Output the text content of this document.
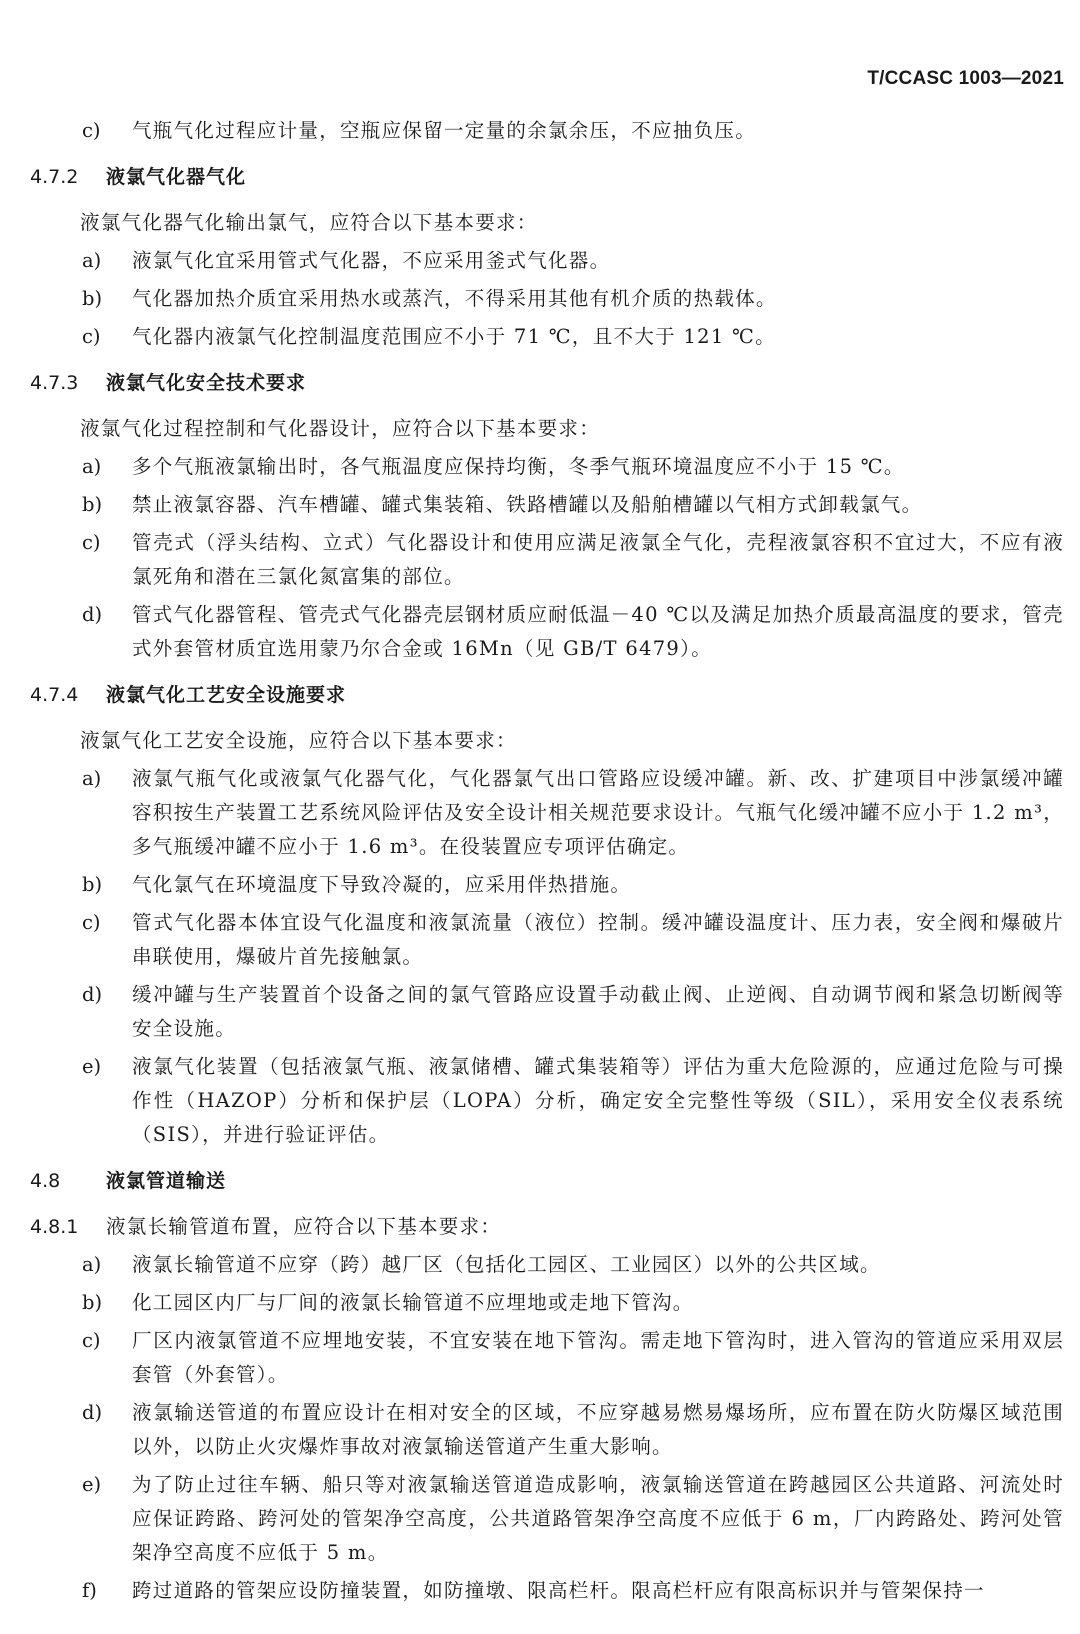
T/CCASC 1003—2021
c)	气瓶气化过程应计量，空瓶应保留一定量的余氯余压，不应抽负压。
4.7.2	液氯气化器气化
液氯气化器气化输出氯气，应符合以下基本要求：
a)	液氯气化宜采用管式气化器，不应采用釜式气化器。
b)	气化器加热介质宜采用热水或蒸汽，不得采用其他有机介质的热载体。
c)	气化器内液氯气化控制温度范围应不小于 71 ℃，且不大于 121 ℃。
4.7.3	液氯气化安全技术要求
液氯气化过程控制和气化器设计，应符合以下基本要求：
a)	多个气瓶液氯输出时，各气瓶温度应保持均衡，冬季气瓶环境温度应不小于 15 ℃。
b)	禁止液氯容器、汽车槽罐、罐式集装箱、铁路槽罐以及船舶槽罐以气相方式卸载氯气。
c)	管壳式（浮头结构、立式）气化器设计和使用应满足液氯全气化，壳程液氯容积不宜过大，不应有液氯死角和潜在三氯化氮富集的部位。
d)	管式气化器管程、管壳式气化器壳层钢材质应耐低温－40 ℃以及满足加热介质最高温度的要求，管壳式外套管材质宜选用蒙乃尔合金或 16Mn（见 GB/T 6479）。
4.7.4	液氯气化工艺安全设施要求
液氯气化工艺安全设施，应符合以下基本要求：
a)	液氯气瓶气化或液氯气化器气化，气化器氯气出口管路应设缓冲罐。新、改、扩建项目中涉氯缓冲罐容积按生产装置工艺系统风险评估及安全设计相关规范要求设计。气瓶气化缓冲罐不应小于 1.2 m³，多气瓶缓冲罐不应小于 1.6 m³。在役装置应专项评估确定。
b)	气化氯气在环境温度下导致冷凝的，应采用伴热措施。
c)	管式气化器本体宜设气化温度和液氯流量（液位）控制。缓冲罐设温度计、压力表，安全阀和爆破片串联使用，爆破片首先接触氯。
d)	缓冲罐与生产装置首个设备之间的氯气管路应设置手动截止阀、止逆阀、自动调节阀和紧急切断阀等安全设施。
e)	液氯气化装置（包括液氯气瓶、液氯储槽、罐式集装箱等）评估为重大危险源的，应通过危险与可操作性（HAZOP）分析和保护层（LOPA）分析，确定安全完整性等级（SIL），采用安全仪表系统（SIS），并进行验证评估。
4.8	液氯管道输送
4.8.1	液氯长输管道布置，应符合以下基本要求：
a)	液氯长输管道不应穿（跨）越厂区（包括化工园区、工业园区）以外的公共区域。
b)	化工园区内厂与厂间的液氯长输管道不应埋地或走地下管沟。
c)	厂区内液氯管道不应埋地安装，不宜安装在地下管沟。需走地下管沟时，进入管沟的管道应采用双层套管（外套管）。
d)	液氯输送管道的布置应设计在相对安全的区域，不应穿越易燃易爆场所，应布置在防火防爆区域范围以外，以防止火灾爆炸事故对液氯输送管道产生重大影响。
e)	为了防止过往车辆、船只等对液氯输送管道造成影响，液氯输送管道在跨越园区公共道路、河流处时应保证跨路、跨河处的管架净空高度，公共道路管架净空高度不应低于 6 m，厂内跨路处、跨河处管架净空高度不应低于 5 m。
f)	跨过道路的管架应设防撞装置，如防撞墩、限高栏杆。限高栏杆应有限高标识并与管架保持一
